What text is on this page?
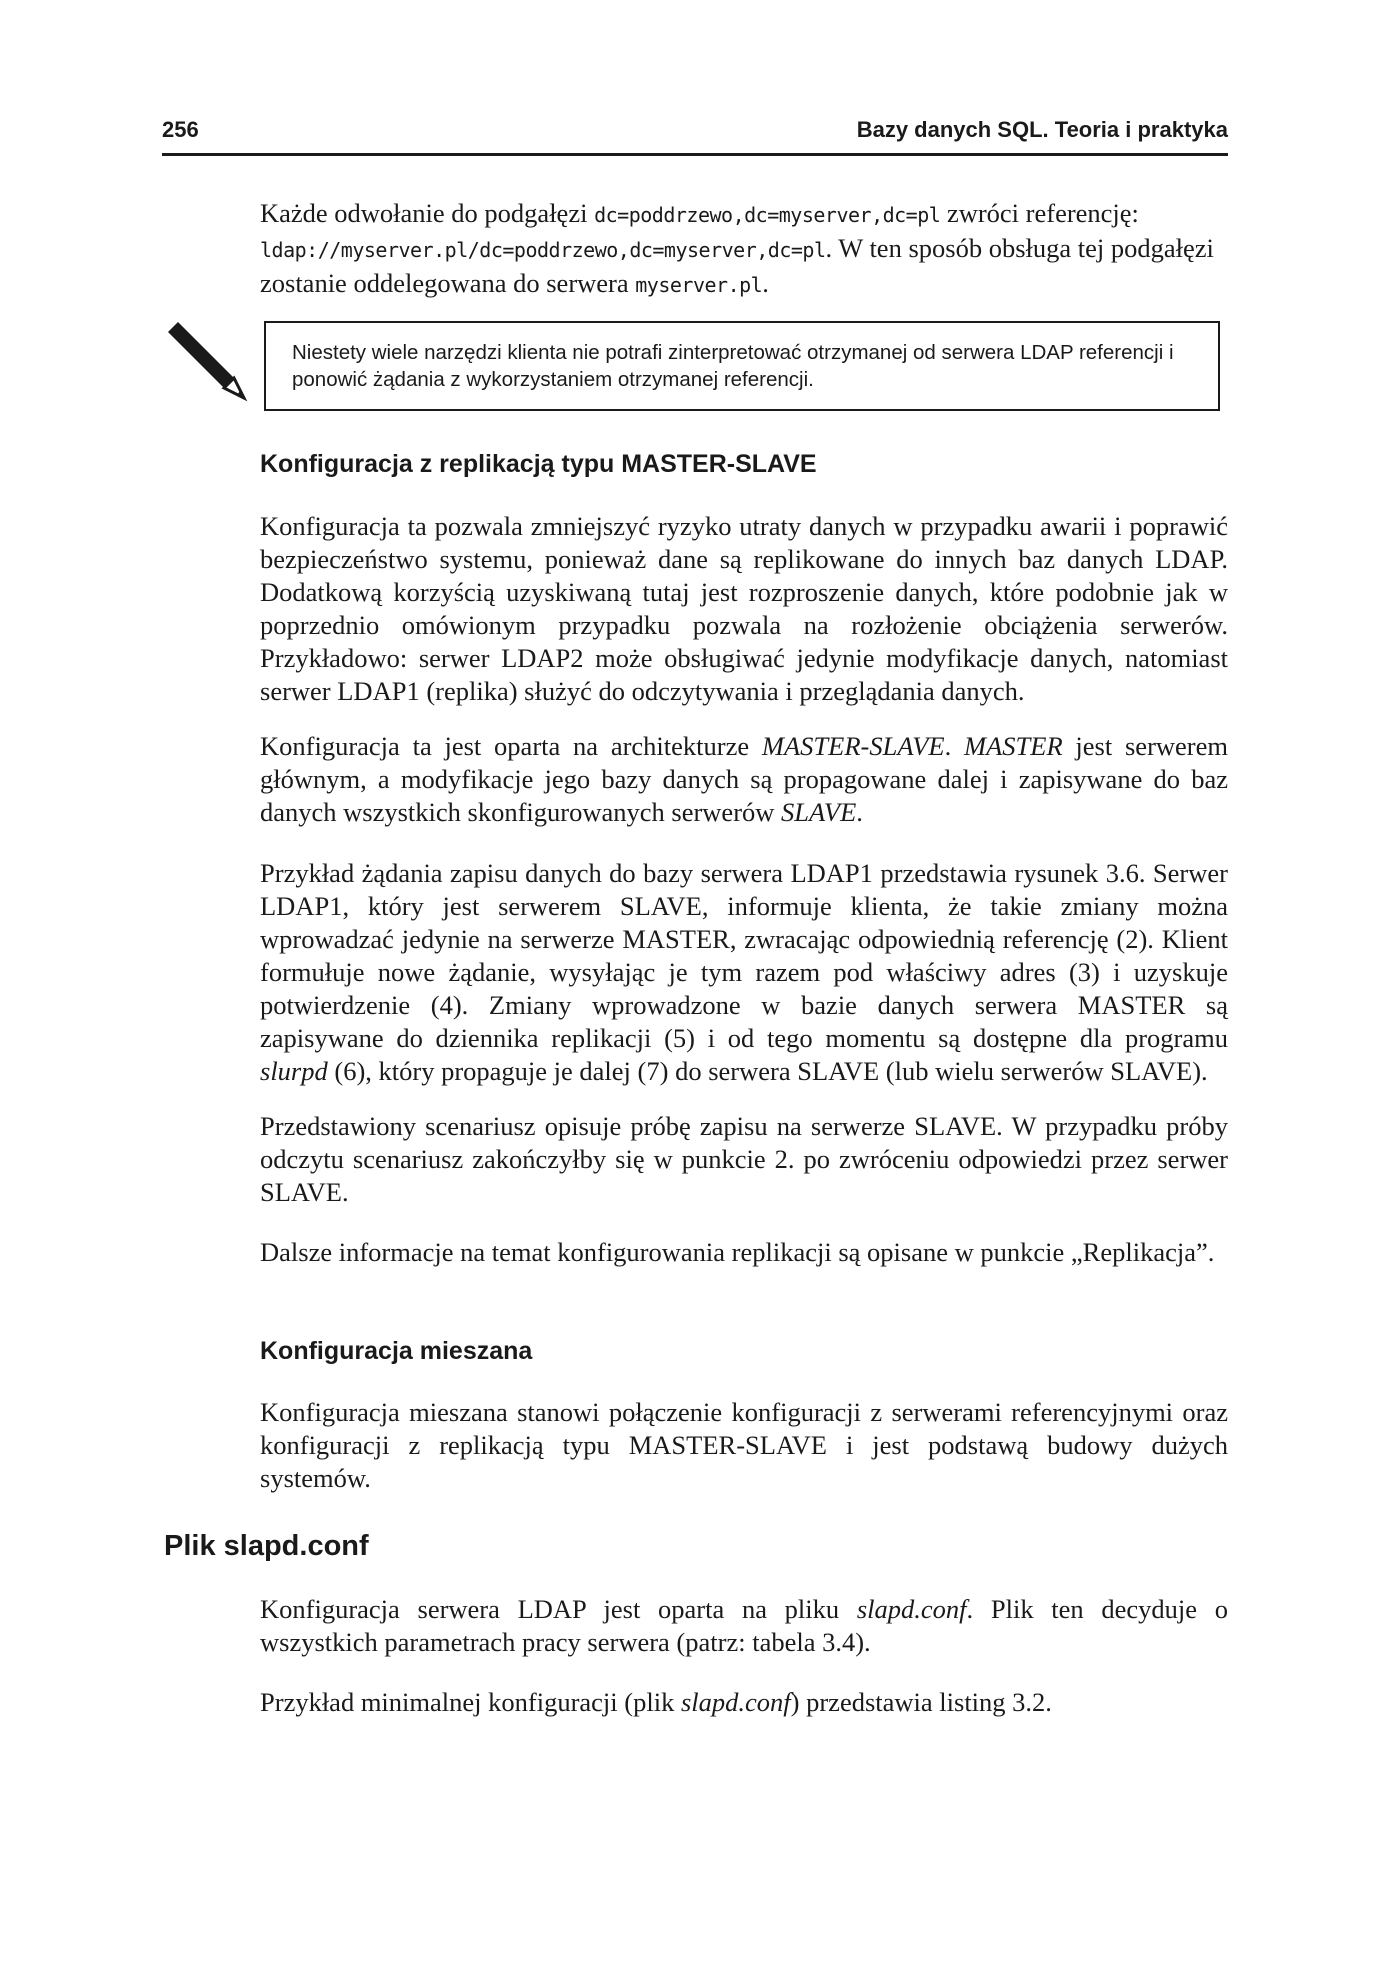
256	Bazy danych SQL. Teoria i praktyka

Każde odwołanie do podgałęzi dc=poddrzewo,dc=myserver,dc=pl zwróci referencję: ldap://myserver.pl/dc=poddrzewo,dc=myserver,dc=pl. W ten sposób obsługa tej podgałęzi zostanie oddelegowana do serwera myserver.pl.

Niestety wiele narzędzi klienta nie potrafi zinterpretować otrzymanej od serwera LDAP referencji i ponowić żądania z wykorzystaniem otrzymanej referencji.

Konfiguracja z replikacją typu MASTER-SLAVE

Konfiguracja ta pozwala zmniejszyć ryzyko utraty danych w przypadku awarii i poprawić bezpieczeństwo systemu, ponieważ dane są replikowane do innych baz danych LDAP. Dodatkową korzyścią uzyskiwaną tutaj jest rozproszenie danych, które podobnie jak w poprzednio omówionym przypadku pozwala na rozłożenie obciążenia serwerów. Przykładowo: serwer LDAP2 może obsługiwać jedynie modyfikacje danych, natomiast serwer LDAP1 (replika) służyć do odczytywania i przeglądania danych.

Konfiguracja ta jest oparta na architekturze MASTER-SLAVE. MASTER jest serwerem głównym, a modyfikacje jego bazy danych są propagowane dalej i zapisywane do baz danych wszystkich skonfigurowanych serwerów SLAVE.

Przykład żądania zapisu danych do bazy serwera LDAP1 przedstawia rysunek 3.6. Serwer LDAP1, który jest serwerem SLAVE, informuje klienta, że takie zmiany można wprowadzać jedynie na serwerze MASTER, zwracając odpowiednią referencję (2). Klient formułuje nowe żądanie, wysyłając je tym razem pod właściwy adres (3) i uzyskuje potwierdzenie (4). Zmiany wprowadzone w bazie danych serwera MASTER są zapisywane do dziennika replikacji (5) i od tego momentu są dostępne dla programu slurpd (6), który propaguje je dalej (7) do serwera SLAVE (lub wielu serwerów SLAVE).

Przedstawiony scenariusz opisuje próbę zapisu na serwerze SLAVE. W przypadku próby odczytu scenariusz zakończyłby się w punkcie 2. po zwróceniu odpowiedzi przez serwer SLAVE.

Dalsze informacje na temat konfigurowania replikacji są opisane w punkcie „Replikacja”.

Konfiguracja mieszana

Konfiguracja mieszana stanowi połączenie konfiguracji z serwerami referencyjnymi oraz konfiguracji z replikacją typu MASTER-SLAVE i jest podstawą budowy dużych systemów.

Plik slapd.conf

Konfiguracja serwera LDAP jest oparta na pliku slapd.conf. Plik ten decyduje o wszystkich parametrach pracy serwera (patrz: tabela 3.4).

Przykład minimalnej konfiguracji (plik slapd.conf) przedstawia listing 3.2.
